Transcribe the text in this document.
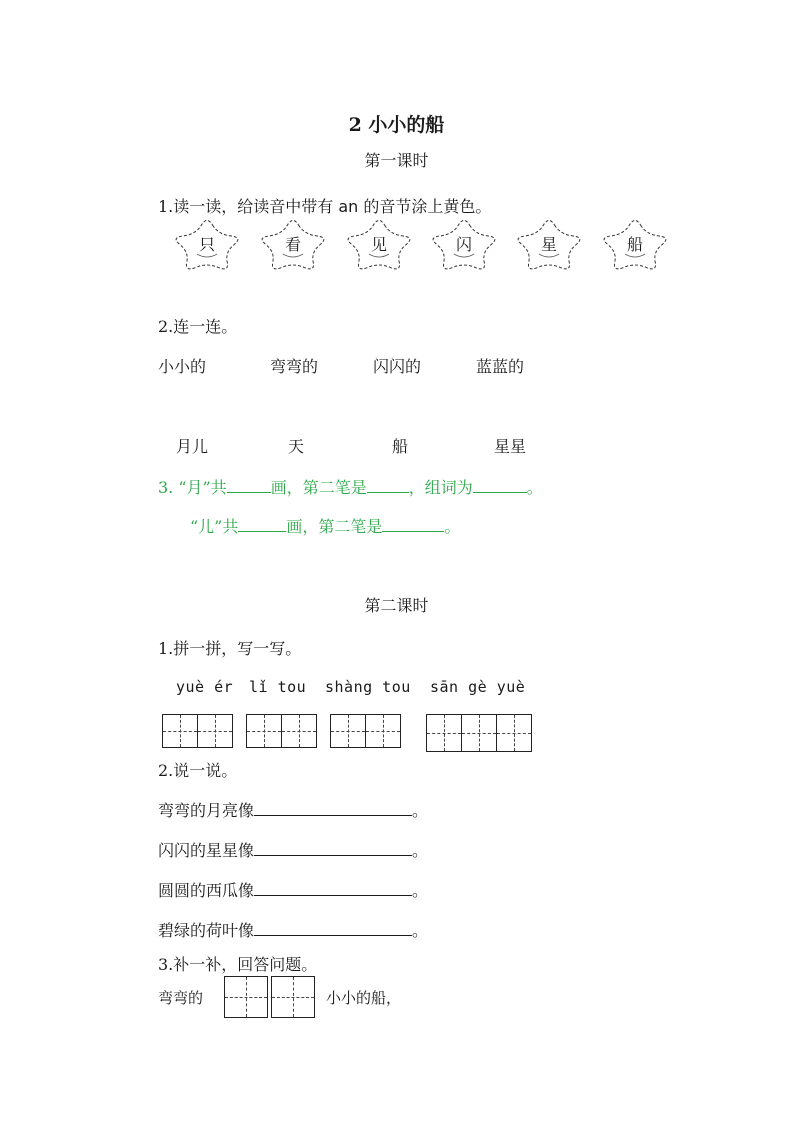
2 小小的船
第一课时
1.读一读，给读音中带有 an 的音节涂上黄色。
只	看	见	闪	星	船
2.连一连。
小小的	弯弯的	闪闪的	蓝蓝的
月儿	天	船	星星
3. “月”共	画，第二笔是	，组词为	。
“儿”共	画，第二笔是	。
第二课时
1.拼一拼，写一写。
yuè ér lǐ tou shàng tou sān gè yuè
2.说一说。
弯弯的月亮像	。
闪闪的星星像	。
圆圆的西瓜像	。
碧绿的荷叶像	。
3.补一补，回答问题。
弯弯的	小小的船，
